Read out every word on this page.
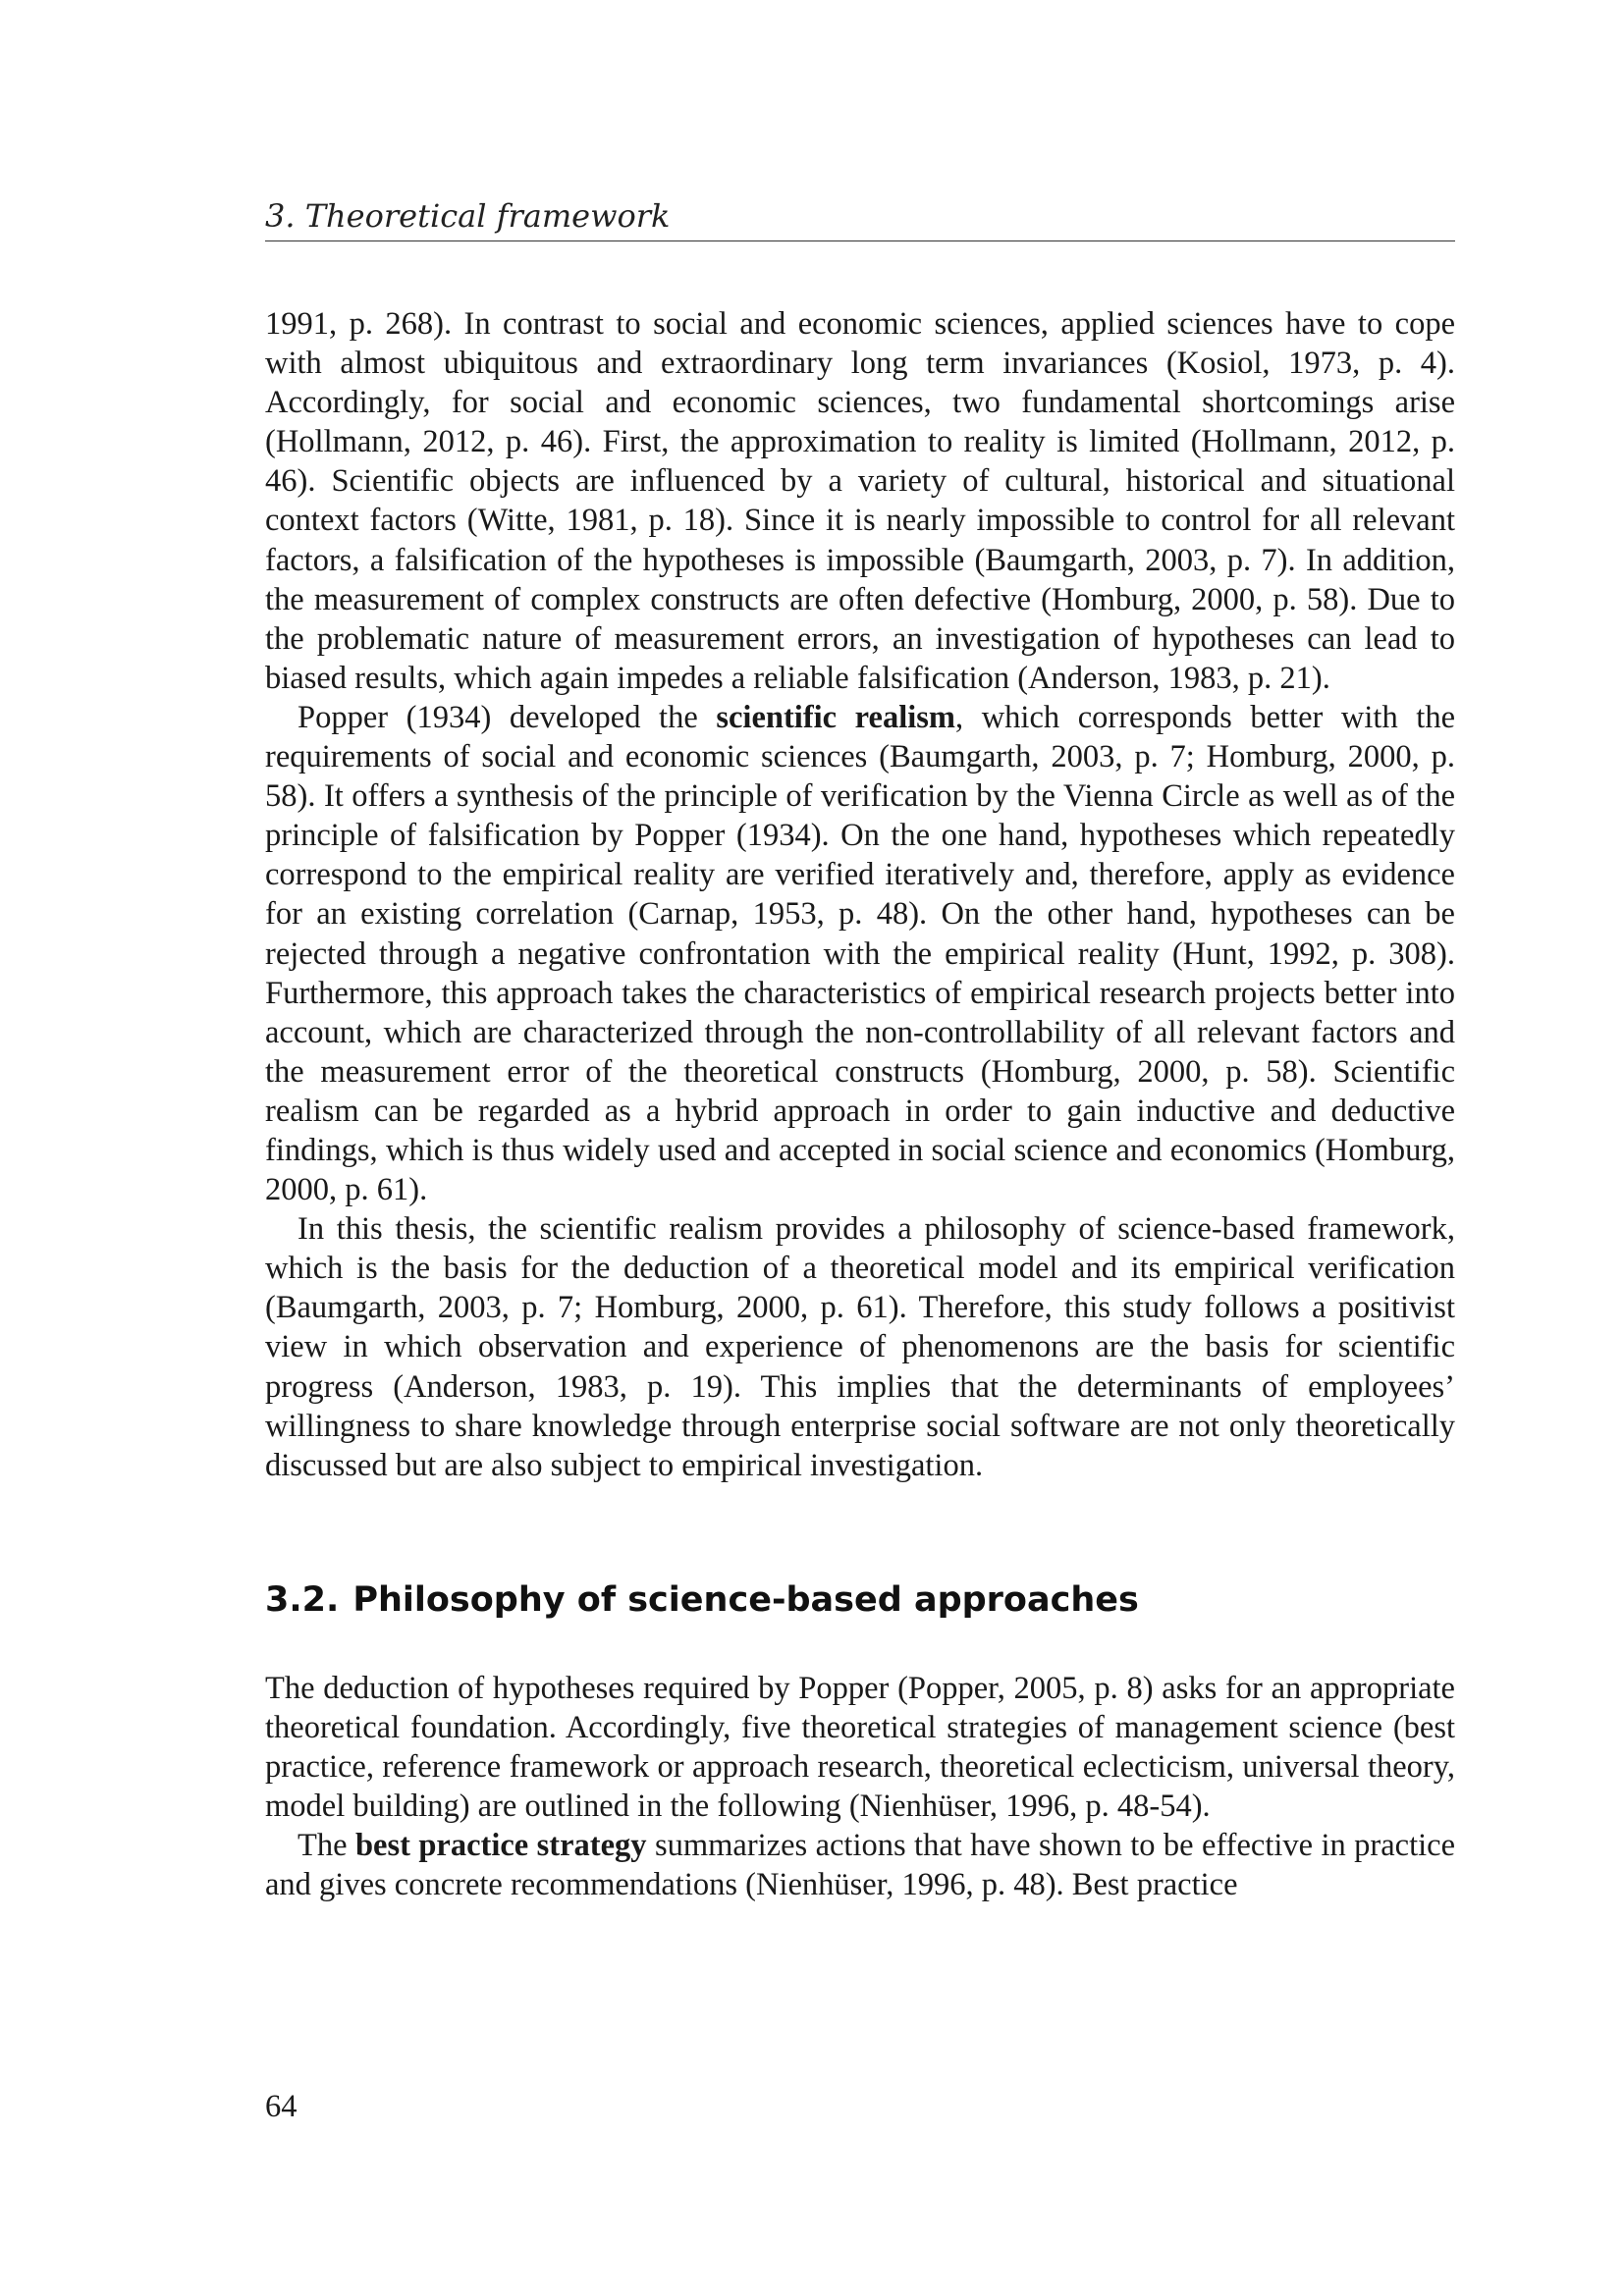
3. Theoretical framework

1991, p. 268). In contrast to social and economic sciences, applied sciences have to cope with almost ubiquitous and extraordinary long term invariances (Kosiol, 1973, p. 4). Accordingly, for social and economic sciences, two fundamental shortcomings arise (Hollmann, 2012, p. 46). First, the approximation to reality is limited (Hollmann, 2012, p. 46). Scientific objects are influenced by a variety of cultural, historical and situational context factors (Witte, 1981, p. 18). Since it is nearly impossible to control for all relevant factors, a falsification of the hypotheses is impossible (Baumgarth, 2003, p. 7). In addition, the measurement of complex constructs are often defective (Homburg, 2000, p. 58). Due to the problematic nature of measurement errors, an investigation of hypotheses can lead to biased results, which again impedes a reliable falsification (Anderson, 1983, p. 21).

Popper (1934) developed the scientific realism, which corresponds better with the requirements of social and economic sciences (Baumgarth, 2003, p. 7; Homburg, 2000, p. 58). It offers a synthesis of the principle of verification by the Vienna Circle as well as of the principle of falsification by Popper (1934). On the one hand, hypotheses which repeatedly correspond to the empirical reality are verified iteratively and, therefore, apply as evidence for an existing correlation (Carnap, 1953, p. 48). On the other hand, hypotheses can be rejected through a negative confrontation with the empirical reality (Hunt, 1992, p. 308). Furthermore, this approach takes the characteristics of empirical research projects better into account, which are characterized through the non-controllability of all relevant factors and the measurement error of the theoretical constructs (Homburg, 2000, p. 58). Scientific realism can be regarded as a hybrid approach in order to gain inductive and deductive findings, which is thus widely used and accepted in social science and economics (Homburg, 2000, p. 61).

In this thesis, the scientific realism provides a philosophy of science-based framework, which is the basis for the deduction of a theoretical model and its empirical verification (Baumgarth, 2003, p. 7; Homburg, 2000, p. 61). Therefore, this study follows a positivist view in which observation and experience of phenomenons are the basis for scientific progress (Anderson, 1983, p. 19). This implies that the determinants of employees’ willingness to share knowledge through enterprise social software are not only theoretically discussed but are also subject to empirical investigation.

3.2. Philosophy of science-based approaches

The deduction of hypotheses required by Popper (Popper, 2005, p. 8) asks for an appropriate theoretical foundation. Accordingly, five theoretical strategies of management science (best practice, reference framework or approach research, theoretical eclecticism, universal theory, model building) are outlined in the following (Nienhüser, 1996, p. 48-54).

The best practice strategy summarizes actions that have shown to be effective in practice and gives concrete recommendations (Nienhüser, 1996, p. 48). Best practice

64
